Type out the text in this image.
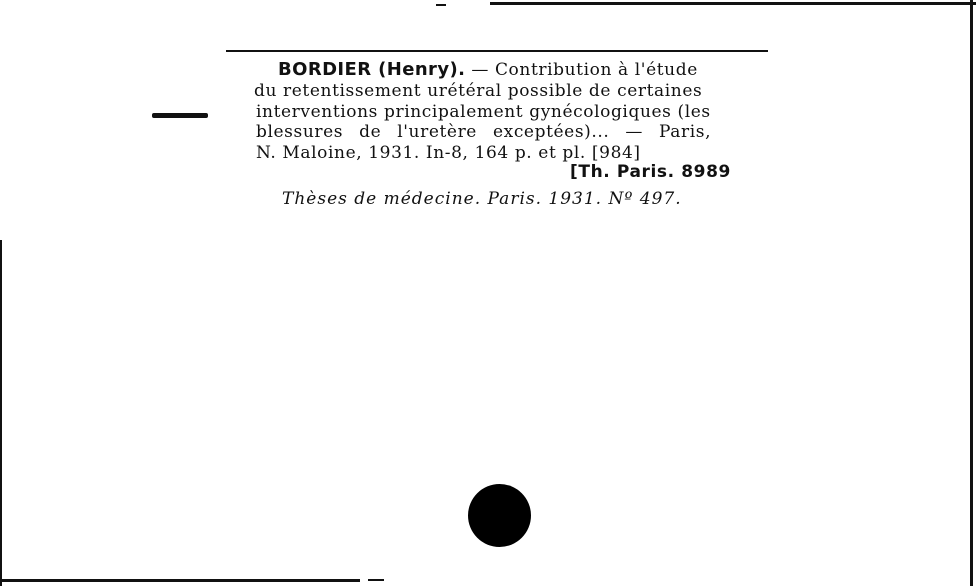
BORDIER (Henry). — Contribution à l'étude
du retentissement urétéral possible de certaines
interventions principalement gynécologiques (les
blessures de l'uretère exceptées)... — Paris,
N. Maloine, 1931. In-8, 164 p. et pl. [984]
[Th. Paris. 8989
Thèses de médecine. Paris. 1931. Nº 497.
